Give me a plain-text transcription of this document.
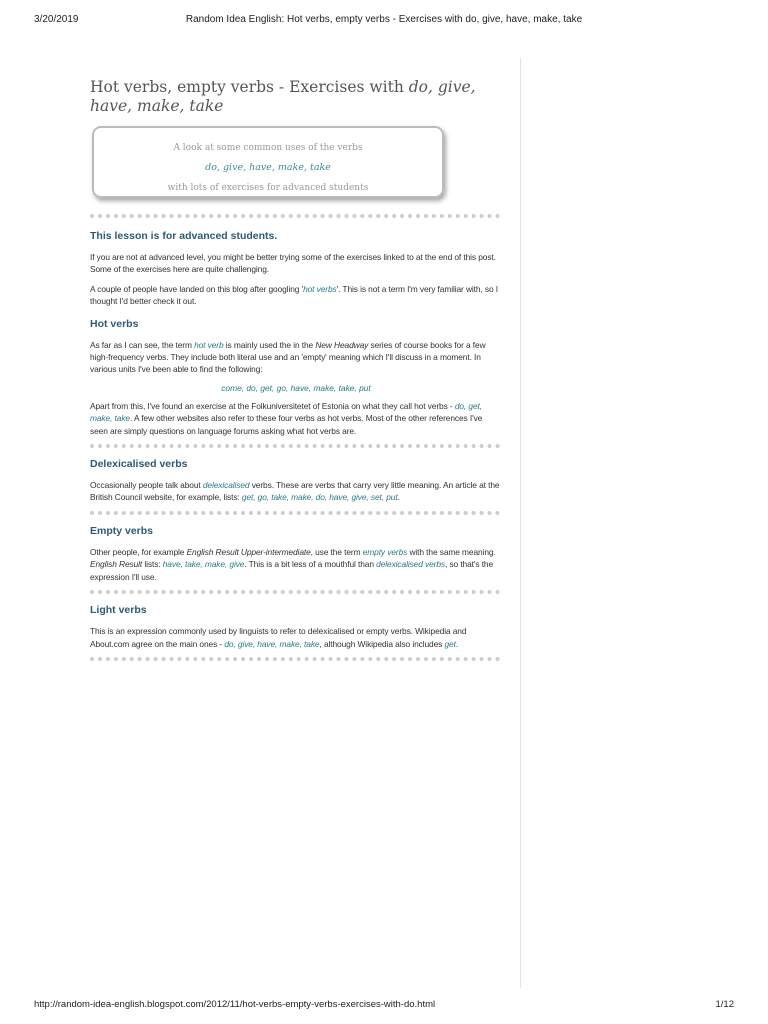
3/20/2019	Random Idea English: Hot verbs, empty verbs - Exercises with do, give, have, make, take
Hot verbs, empty verbs - Exercises with do, give, have, make, take
A look at some common uses of the verbs
do, give, have, make, take
with lots of exercises for advanced students
This lesson is for advanced students.

If you are not at advanced level, you might be better trying some of the exercises linked to at the end of this post. Some of the exercises here are quite challenging.

A couple of people have landed on this blog after googling 'hot verbs'. This is not a term I'm very familiar with, so I thought I'd better check it out.

Hot verbs

As far as I can see, the term hot verb is mainly used the in the New Headway series of course books for a few high-frequency verbs. They include both literal use and an 'empty' meaning which I'll discuss in a moment. In various units I've been able to find the following:

come, do, get, go, have, make, take, put

Apart from this, I've found an exercise at the Folkuniversitetet of Estonia on what they call hot verbs - do, get, make, take. A few other websites also refer to these four verbs as hot verbs. Most of the other references I've seen are simply questions on language forums asking what hot verbs are.

Delexicalised verbs

Occasionally people talk about delexicalised verbs. These are verbs that carry very little meaning. An article at the British Council website, for example, lists: get, go, take, make, do, have, give, set, put.

Empty verbs

Other people, for example English Result Upper-intermediate, use the term empty verbs with the same meaning. English Result lists: have, take, make, give. This is a bit less of a mouthful than delexicalised verbs, so that's the expression I'll use.

Light verbs

This is an expression commonly used by linguists to refer to delexicalised or empty verbs. Wikipedia and About.com agree on the main ones - do, give, have, make, take, although Wikipedia also includes get.

http://random-idea-english.blogspot.com/2012/11/hot-verbs-empty-verbs-exercises-with-do.html	1/12
